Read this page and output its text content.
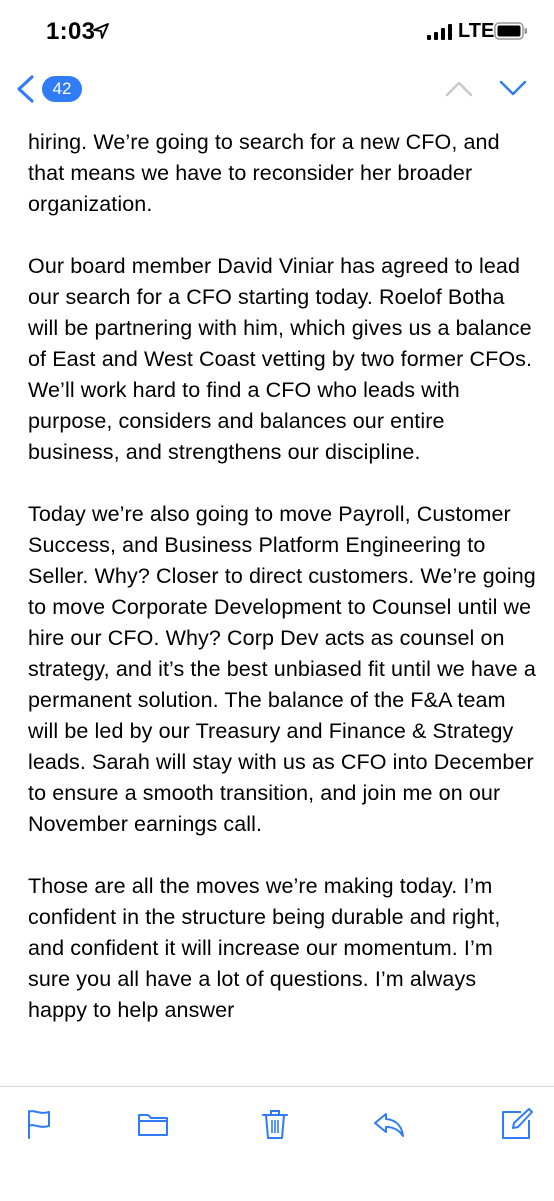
1:03	LTE
42

hiring. We’re going to search for a new CFO, and that means we have to reconsider her broader organization.

Our board member David Viniar has agreed to lead our search for a CFO starting today. Roelof Botha will be partnering with him, which gives us a balance of East and West Coast vetting by two former CFOs. We’ll work hard to find a CFO who leads with purpose, considers and balances our entire business, and strengthens our discipline.

Today we’re also going to move Payroll, Customer Success, and Business Platform Engineering to Seller. Why? Closer to direct customers. We’re going to move Corporate Development to Counsel until we hire our CFO. Why? Corp Dev acts as counsel on strategy, and it’s the best unbiased fit until we have a permanent solution. The balance of the F&A team will be led by our Treasury and Finance & Strategy leads. Sarah will stay with us as CFO into December to ensure a smooth transition, and join me on our November earnings call.

Those are all the moves we’re making today. I’m confident in the structure being durable and right, and confident it will increase our momentum. I’m sure you all have a lot of questions. I’m always happy to help answer
